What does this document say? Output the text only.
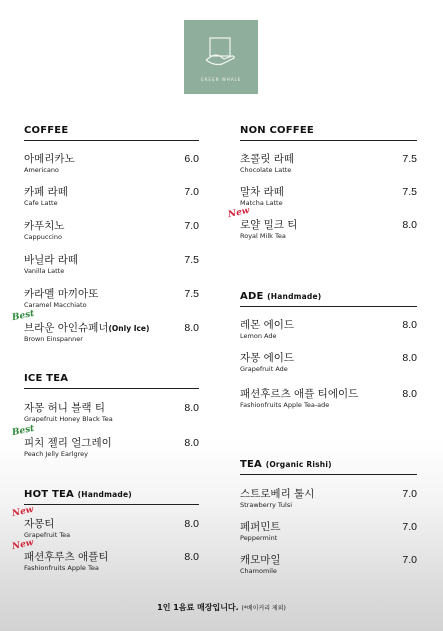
GREEN WHALE
COFFEE
아메리카노
Americano
6.0
카페 라떼
Cafe Latte
7.0
카푸치노
Cappuccino
7.0
바닐라 라떼
Vanilla Latte
7.5
카라멜 마끼아또
Caramel Macchiato
7.5
Best
브라운 아인슈페너(Only Ice)
Brown Einspanner
8.0
ICE TEA
자몽 허니 블랙 티
Grapefruit Honey Black Tea
8.0
Best
피치 젤리 얼그레이
Peach Jelly Earlgrey
8.0
HOT TEA (Handmade)
New
자몽티
Grapefruit Tea
8.0
New
패션후루츠 애플티
Fashionfruits Apple Tea
8.0
NON COFFEE
초콜릿 라떼
Chocolate Latte
7.5
말차 라떼
Matcha Latte
7.5
New
로얄 밀크 티
Royal Milk Tea
8.0
ADE (Handmade)
레몬 에이드
Lemon Ade
8.0
자몽 에이드
Grapefruit Ade
8.0
패션후르츠 애플 티에이드
Fashionfruits Apple Tea-ade
8.0
TEA (Organic Rishi)
스트로베리 툴시
Strawberry Tulsi
7.0
페퍼민트
Peppermint
7.0
캐모마일
Chamomile
7.0
1인 1음료 매장입니다. (*베이커리 제외)
